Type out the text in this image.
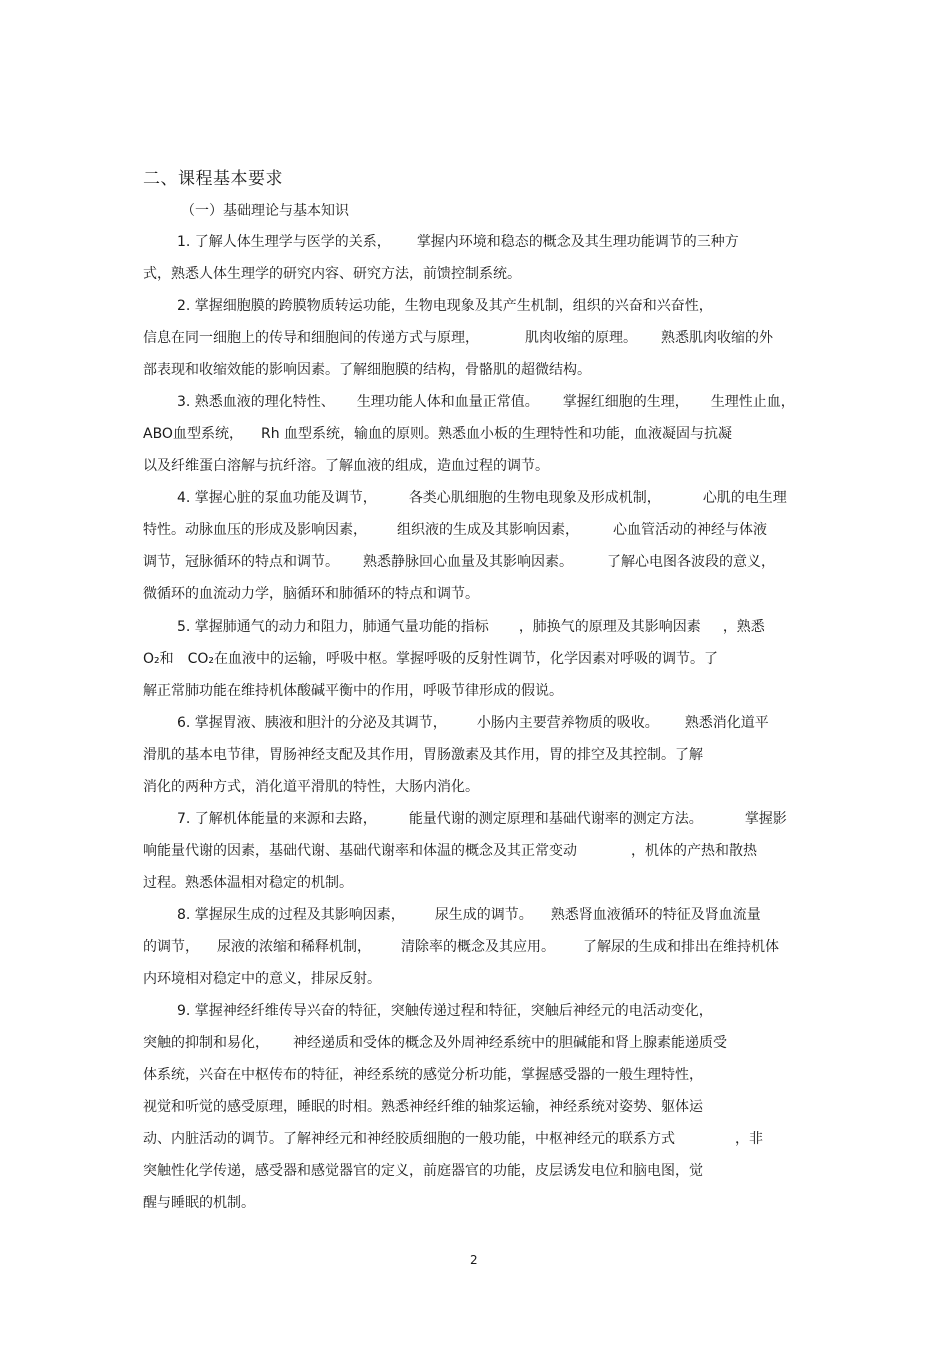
二、课程基本要求
（一）基础理论与基本知识
1. 了解人体生理学与医学的关系， 掌握内环境和稳态的概念及其生理功能调节的三种方
式，熟悉人体生理学的研究内容、研究方法，前馈控制系统。
2. 掌握细胞膜的跨膜物质转运功能，生物电现象及其产生机制，组织的兴奋和兴奋性，
信息在同一细胞上的传导和细胞间的传递方式与原理，	肌肉收缩的原理。 熟悉肌肉收缩的外
部表现和收缩效能的影响因素。了解细胞膜的结构，骨骼肌的超微结构。
3. 熟悉血液的理化特性、 生理功能人体和血量正常值。 掌握红细胞的生理， 生理性止血，
ABO血型系统， Rh 血型系统，输血的原则。熟悉血小板的生理特性和功能，血液凝固与抗凝
以及纤维蛋白溶解与抗纤溶。了解血液的组成，造血过程的调节。
4. 掌握心脏的泵血功能及调节， 各类心肌细胞的生物电现象及形成机制，	心肌的电生理
特性。动脉血压的形成及影响因素， 组织液的生成及其影响因素， 心血管活动的神经与体液
调节，冠脉循环的特点和调节。 熟悉静脉回心血量及其影响因素。 了解心电图各波段的意义，
微循环的血流动力学，脑循环和肺循环的特点和调节。
5. 掌握肺通气的动力和阻力，肺通气量功能的指标 ，肺换气的原理及其影响因素 ，熟悉
O₂和 CO₂在血液中的运输，呼吸中枢。掌握呼吸的反射性调节，化学因素对呼吸的调节。了
解正常肺功能在维持机体酸碱平衡中的作用，呼吸节律形成的假说。
6. 掌握胃液、胰液和胆汁的分泌及其调节， 小肠内主要营养物质的吸收。 熟悉消化道平
滑肌的基本电节律，胃肠神经支配及其作用，胃肠激素及其作用，胃的排空及其控制。了解
消化的两种方式，消化道平滑肌的特性，大肠内消化。
7. 了解机体能量的来源和去路， 能量代谢的测定原理和基础代谢率的测定方法。	掌握影
响能量代谢的因素，基础代谢、基础代谢率和体温的概念及其正常变动	，机体的产热和散热
过程。熟悉体温相对稳定的机制。
8. 掌握尿生成的过程及其影响因素， 尿生成的调节。 熟悉肾血液循环的特征及肾血流量
的调节， 尿液的浓缩和稀释机制， 清除率的概念及其应用。 了解尿的生成和排出在维持机体
内环境相对稳定中的意义，排尿反射。
9. 掌握神经纤维传导兴奋的特征，突触传递过程和特征，突触后神经元的电活动变化，
突触的抑制和易化， 神经递质和受体的概念及外周神经系统中的胆碱能和肾上腺素能递质受
体系统，兴奋在中枢传布的特征，神经系统的感觉分析功能，掌握感受器的一般生理特性，
视觉和听觉的感受原理，睡眠的时相。熟悉神经纤维的轴浆运输，神经系统对姿势、躯体运
动、内脏活动的调节。了解神经元和神经胶质细胞的一般功能，中枢神经元的联系方式	，非
突触性化学传递，感受器和感觉器官的定义，前庭器官的功能，皮层诱发电位和脑电图，觉
醒与睡眠的机制。
2
